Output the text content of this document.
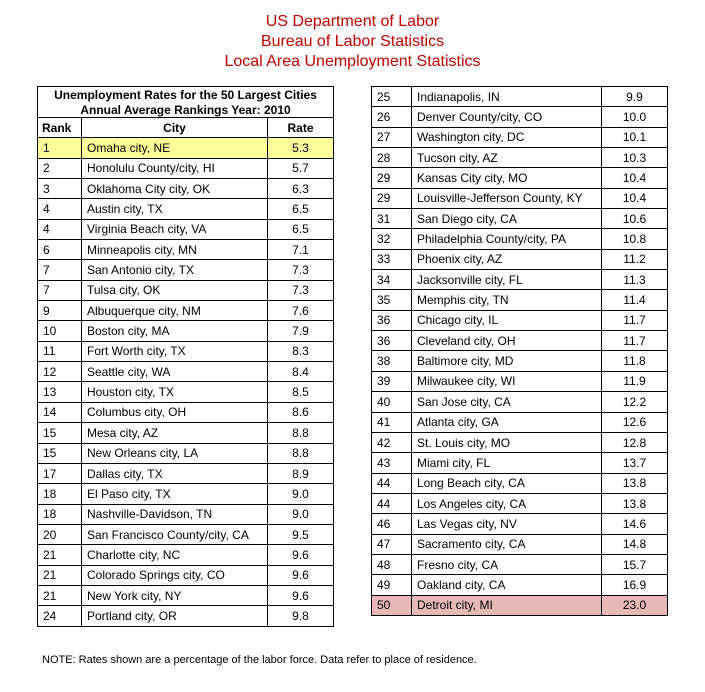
US Department of Labor
Bureau of Labor Statistics
Local Area Unemployment Statistics
Unemployment Rates for the 50 Largest Cities		
Annual Average Rankings Year: 2010		
Rank	City	Rate
1	Omaha city, NE	5.3
2	Honolulu County/city, HI	5.7
3	Oklahoma City city, OK	6.3
4	Austin city, TX	6.5
4	Virginia Beach city, VA	6.5
6	Minneapolis city, MN	7.1
7	San Antonio city, TX	7.3
7	Tulsa city, OK	7.3
9	Albuquerque city, NM	7.6
10	Boston city, MA	7.9
11	Fort Worth city, TX	8.3
12	Seattle city, WA	8.4
13	Houston city, TX	8.5
14	Columbus city, OH	8.6
15	Mesa city, AZ	8.8
15	New Orleans city, LA	8.8
17	Dallas city, TX	8.9
18	El Paso city, TX	9.0
18	Nashville-Davidson, TN	9.0
20	San Francisco County/city, CA	9.5
21	Charlotte city, NC	9.6
21	Colorado Springs city, CO	9.6
21	New York city, NY	9.6
24	Portland city, OR	9.8
25	Indianapolis, IN	9.9
26	Denver County/city, CO	10.0
27	Washington city, DC	10.1
28	Tucson city, AZ	10.3
29	Kansas City city, MO	10.4
29	Louisville-Jefferson County, KY	10.4
31	San Diego city, CA	10.6
32	Philadelphia County/city, PA	10.8
33	Phoenix city, AZ	11.2
34	Jacksonville city, FL	11.3
35	Memphis city, TN	11.4
36	Chicago city, IL	11.7
36	Cleveland city, OH	11.7
38	Baltimore city, MD	11.8
39	Milwaukee city, WI	11.9
40	San Jose city, CA	12.2
41	Atlanta city, GA	12.6
42	St. Louis city, MO	12.8
43	Miami city, FL	13.7
44	Long Beach city, CA	13.8
44	Los Angeles city, CA	13.8
46	Las Vegas city, NV	14.6
47	Sacramento city, CA	14.8
48	Fresno city, CA	15.7
49	Oakland city, CA	16.9
50	Detroit city, MI	23.0
NOTE: Rates shown are a percentage of the labor force. Data refer to place of residence.
